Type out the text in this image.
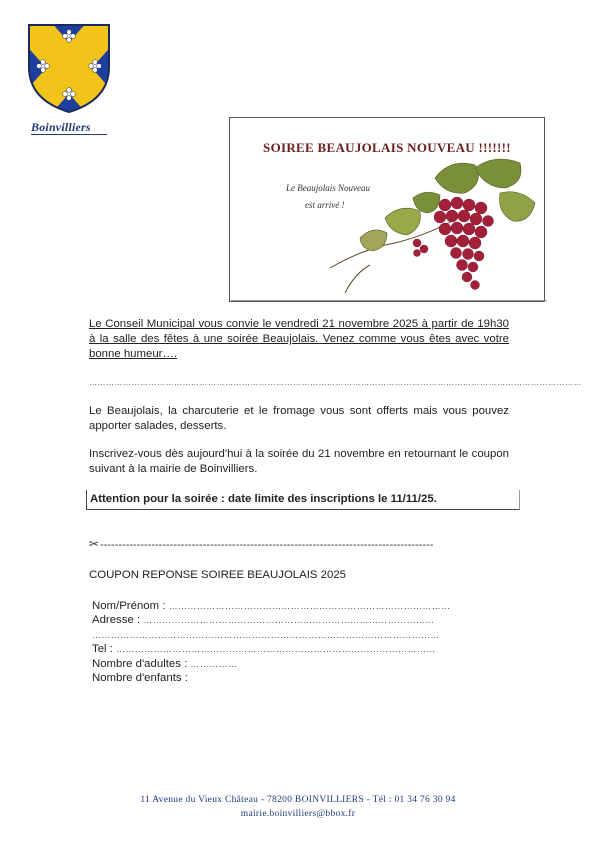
Boinvilliers
SOIREE BEAUJOLAIS NOUVEAU !!!!!!!
Le Beaujolais Nouveau
est arrivé !
Le Conseil Municipal vous convie le vendredi 21 novembre 2025 à partir de 19h30 à la salle des fêtes à une soirée Beaujolais. Venez comme vous êtes avec votre bonne humeur….
…………………………………………………………………………………………………………………………………………………………
Le Beaujolais, la charcuterie et le fromage vous sont offerts mais vous pouvez apporter salades, desserts.
Inscrivez-vous dès aujourd'hui à la soirée du 21 novembre en retournant le coupon suivant à la mairie de Boinvilliers.
Attention pour la soirée : date limite des inscriptions le 11/11/25.
✂-------------------------------------------------------------------------------------------
COUPON REPONSE SOIREE BEAUJOLAIS 2025
Nom/Prénom : ………………………………………………………………………………
Adresse : …………………………………………………………………………………
…………………………………………………………………………………………………
Tel : …………………………………………………………………………………………
Nombre d'adultes : ……………
Nombre d'enfants :
11 Avenue du Vieux Château - 78200 BOINVILLIERS - Tél : 01 34 76 30 94
mairie.boinvilliers@bbox.fr
